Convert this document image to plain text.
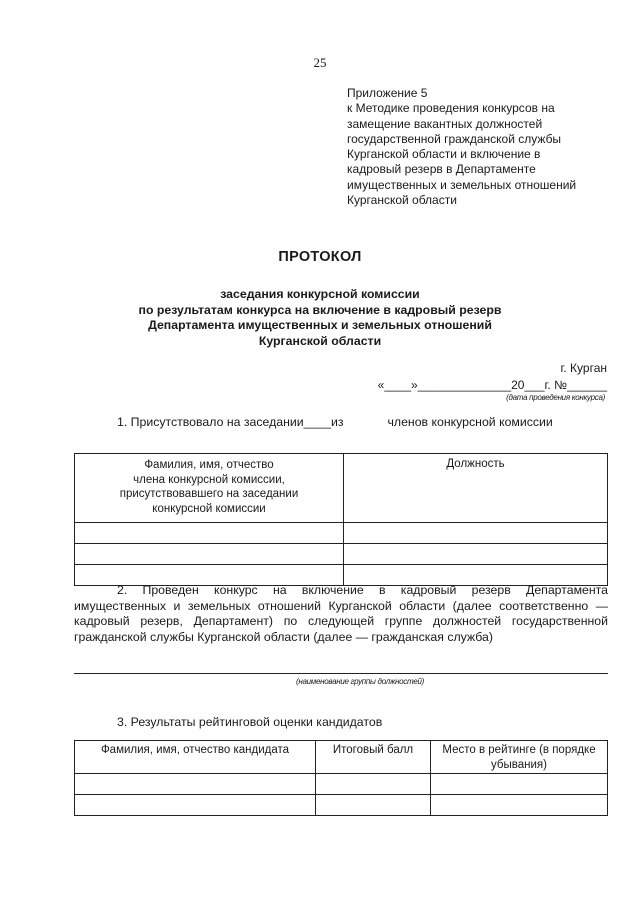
25
Приложение 5
к Методике проведения конкурсов на
замещение вакантных должностей
государственной гражданской службы
Курганской области и включение в
кадровый резерв в Департаменте
имущественных и земельных отношений
Курганской области
ПРОТОКОЛ
заседания конкурсной комиссии
по результатам конкурса на включение в кадровый резерв
Департамента имущественных и земельных отношений
Курганской области
г. Курган
«____»______________20___г. №______
(дата проведения конкурса)
1. Присутствовало на заседании____из	членов конкурсной комиссии
Фамилия, имя, отчество
члена конкурсной комиссии,
присутствовавшего на заседании
конкурсной комиссии	Должность

2. Проведен конкурс на включение в кадровый резерв Департамента имущественных и земельных отношений Курганской области (далее соответственно — кадровый резерв, Департамент) по следующей группе должностей государственной гражданской службы Курганской области (далее — гражданская служба)
(наименование группы должностей)
3. Результаты рейтинговой оценки кандидатов
Фамилия, имя, отчество кандидата	Итоговый балл	Место в рейтинге (в порядке убывания)
